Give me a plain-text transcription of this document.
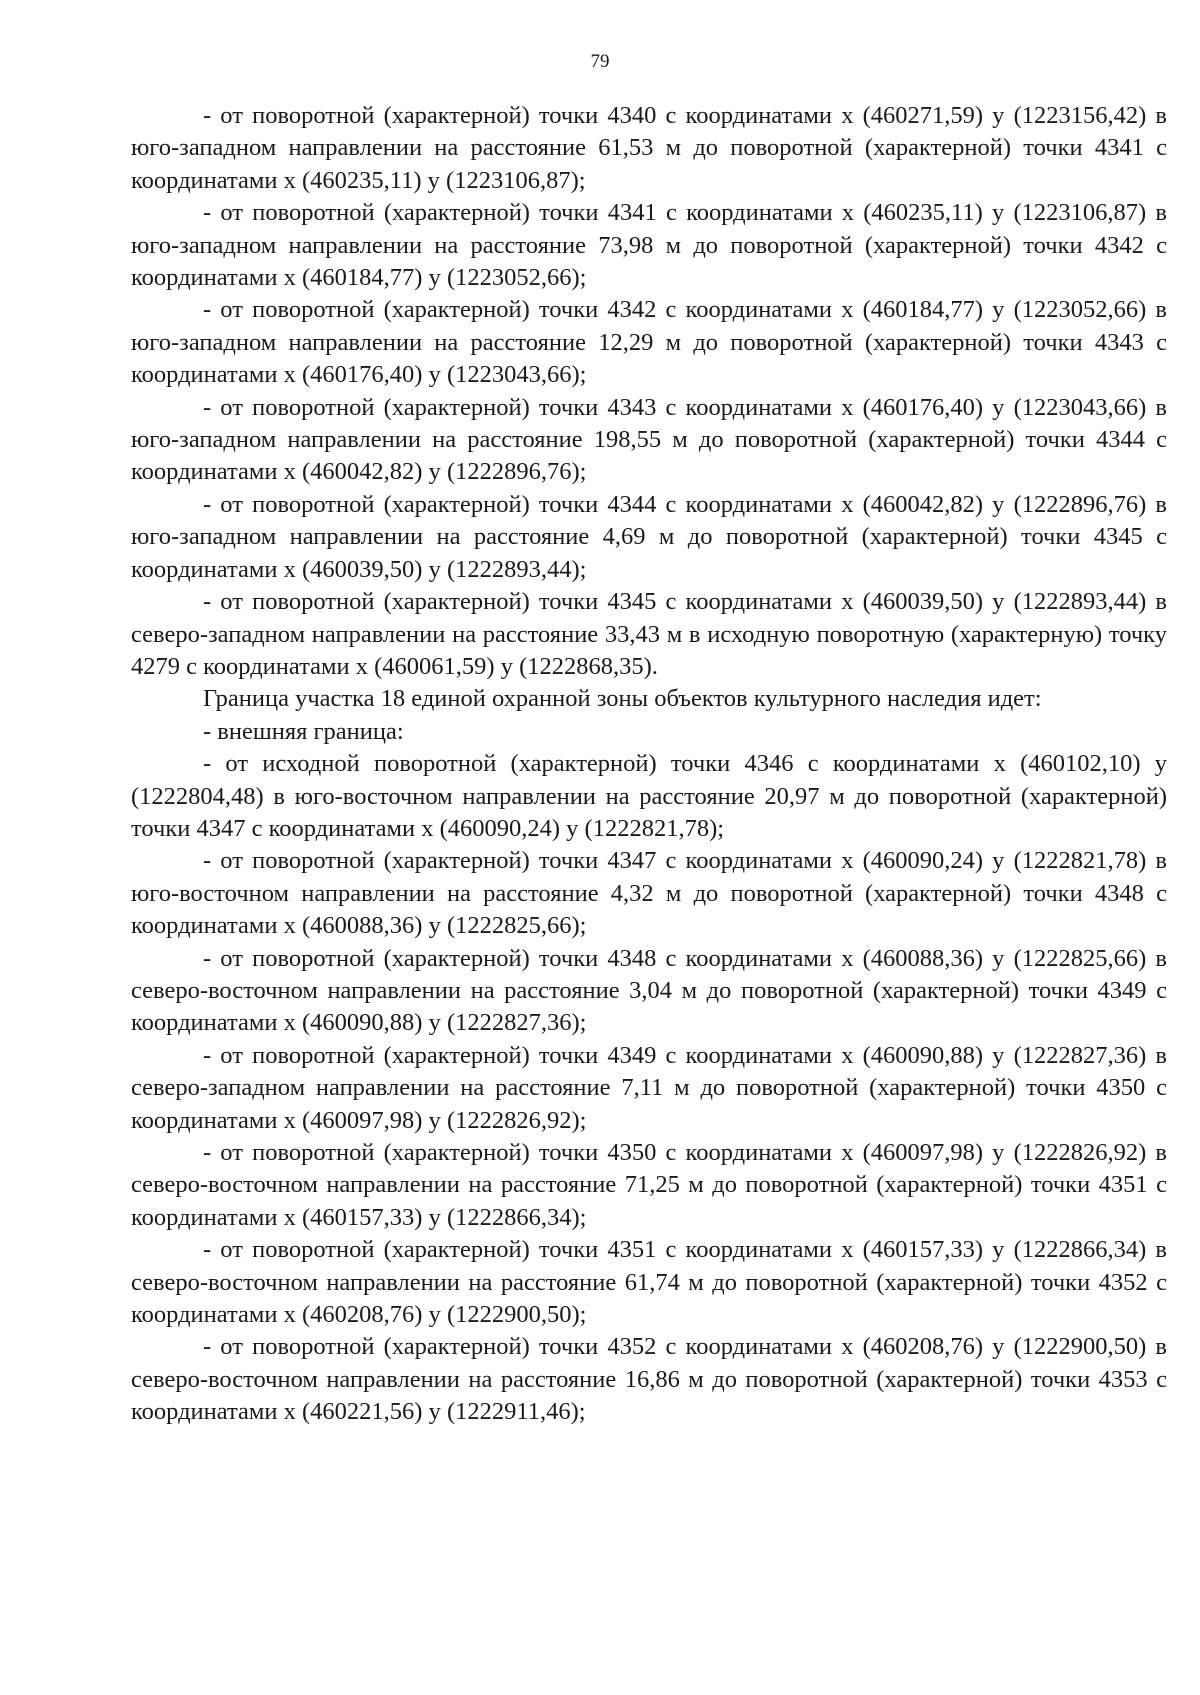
79

- от поворотной (характерной) точки 4340 с координатами х (460271,59) у (1223156,42) в юго-западном направлении на расстояние 61,53 м до поворотной (характерной) точки 4341 с координатами х (460235,11) у (1223106,87);

- от поворотной (характерной) точки 4341 с координатами х (460235,11) у (1223106,87) в юго-западном направлении на расстояние 73,98 м до поворотной (характерной) точки 4342 с координатами х (460184,77) у (1223052,66);

- от поворотной (характерной) точки 4342 с координатами х (460184,77) у (1223052,66) в юго-западном направлении на расстояние 12,29 м до поворотной (характерной) точки 4343 с координатами х (460176,40) у (1223043,66);

- от поворотной (характерной) точки 4343 с координатами х (460176,40) у (1223043,66) в юго-западном направлении на расстояние 198,55 м до поворотной (характерной) точки 4344 с координатами х (460042,82) у (1222896,76);

- от поворотной (характерной) точки 4344 с координатами х (460042,82) у (1222896,76) в юго-западном направлении на расстояние 4,69 м до поворотной (характерной) точки 4345 с координатами х (460039,50) у (1222893,44);

- от поворотной (характерной) точки 4345 с координатами х (460039,50) у (1222893,44) в северо-западном направлении на расстояние 33,43 м в исходную поворотную (характерную) точку 4279 с координатами х (460061,59) у (1222868,35).

Граница участка 18 единой охранной зоны объектов культурного наследия идет:

- внешняя граница:

- от исходной поворотной (характерной) точки 4346 с координатами х (460102,10) у (1222804,48) в юго-восточном направлении на расстояние 20,97 м до поворотной (характерной) точки 4347 с координатами х (460090,24) у (1222821,78);

- от поворотной (характерной) точки 4347 с координатами х (460090,24) у (1222821,78) в юго-восточном направлении на расстояние 4,32 м до поворотной (характерной) точки 4348 с координатами х (460088,36) у (1222825,66);

- от поворотной (характерной) точки 4348 с координатами х (460088,36) у (1222825,66) в северо-восточном направлении на расстояние 3,04 м до поворотной (характерной) точки 4349 с координатами х (460090,88) у (1222827,36);

- от поворотной (характерной) точки 4349 с координатами х (460090,88) у (1222827,36) в северо-западном направлении на расстояние 7,11 м до поворотной (характерной) точки 4350 с координатами х (460097,98) у (1222826,92);

- от поворотной (характерной) точки 4350 с координатами х (460097,98) у (1222826,92) в северо-восточном направлении на расстояние 71,25 м до поворотной (характерной) точки 4351 с координатами х (460157,33) у (1222866,34);

- от поворотной (характерной) точки 4351 с координатами х (460157,33) у (1222866,34) в северо-восточном направлении на расстояние 61,74 м до поворотной (характерной) точки 4352 с координатами х (460208,76) у (1222900,50);

- от поворотной (характерной) точки 4352 с координатами х (460208,76) у (1222900,50) в северо-восточном направлении на расстояние 16,86 м до поворотной (характерной) точки 4353 с координатами х (460221,56) у (1222911,46);
